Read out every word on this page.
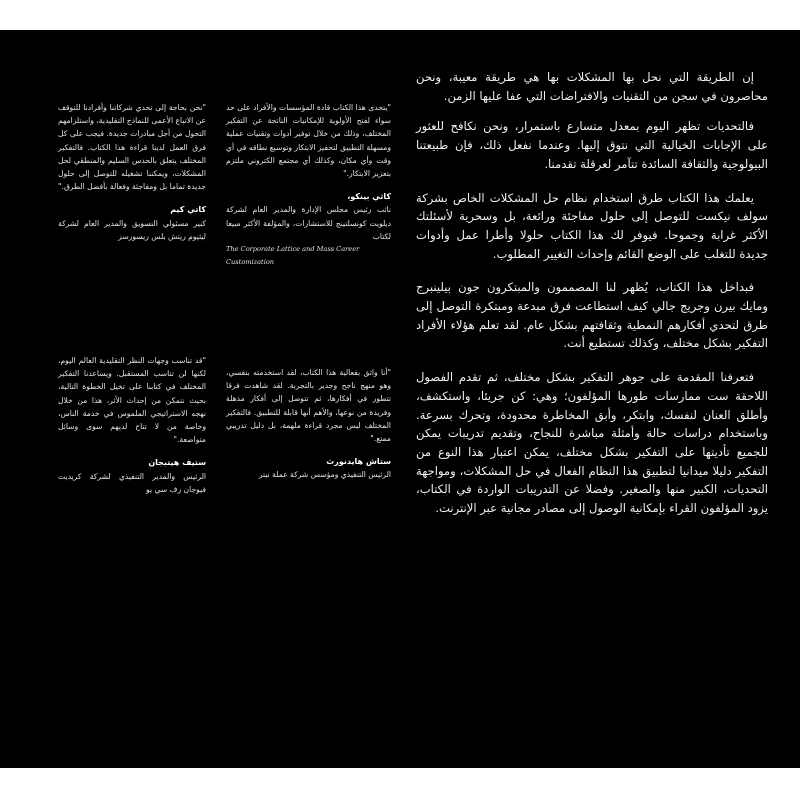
إن الطريقة التي نحل بها المشكلات بها هي طريقة معيبة، ونحن محاصرون في سجن من التقنيات والافتراضات التي عفا عليها الزمن.

فالتحديات تظهر اليوم بمعدل متسارع باستمرار، ونحن نكافح للعثور على الإجابات الخيالية التي نتوق إليها. وعندما نفعل ذلك، فإن طبيعتنا البيولوجية والثقافة السائدة تتآمر لعرقلة تقدمنا.

يعلمك هذا الكتاب طرق استخدام نظام حل المشكلات الخاص بشركة سولف نيكست للتوصل إلى حلول مفاجئة ورائعة، بل وسحرية لأسئلتك الأكثر غرابة وجموحا. فيوفر لك هذا الكتاب حلولا وأطرا عمل وأدوات جديدة للتغلب على الوضع القائم وإحداث التغيير المطلوب.

فبداخل هذا الكتاب، يُظهر لنا المصممون والمبتكرون جون بيلينبرج ومايك بيرن وجريج جالي كيف استطاعت فرق مبدعة ومبتكرة التوصل إلى طرق لتحدي أفكارهم النمطية وثقافتهم بشكل عام. لقد تعلم هؤلاء الأفراد التفكير بشكل مختلف، وكذلك تستطيع أنت.

فتعرفنا المقدمة على جوهر التفكير بشكل مختلف، ثم تقدم الفصول اللاحقة ست ممارسات طورها المؤلفون؛ وهي: كن جريئا، واستكشف، وأطلق العنان لنفسك، وابتكر، وأبق المخاطرة محدودة، وتحرك بسرعة. وباستخدام دراسات حالة وأمثلة مباشرة للنجاح، وتقديم تدريبات يمكن للجميع تأديتها على التفكير بشكل مختلف، يمكن اعتبار هذا النوع من التفكير دليلا ميدانيا لتطبيق هذا النظام الفعال في حل المشكلات، ومواجهة التحديات، الكبير منها والصغير. وفضلا عن التدريبات الواردة في الكتاب، يزود المؤلفون القراء بإمكانية الوصول إلى مصادر مجانية عبر الإنترنت.

"يتحدى هذا الكتاب قادة المؤسسات والأفراد على حد سواء لفتح الأولوية للإمكانيات الناتجة عن التفكير المختلف، وذلك من خلال توفير أدوات وتقنيات عملية ومسهلة التطبيق لتحفيز الابتكار وتوسيع نطاقه في أي وقت وأي مكان، وكذلك أي مجتمع الكتروني ملتزم بتعزيز الابتكار."

كاثي بينكو،

نائب رئيس مجلس الإدارة والمدير العام لشركة ديلويت كونسلتينج للاستشارات، والمؤلفة الأكثر مبيعا لكتاب

The Corporate Lattice and Mass Career Customization

"نحن بحاجة إلى تحدي شركاتنا وأفرادنا للتوقف عن الاتباع الأعمى للنماذج التقليدية، واستلزامهم التحول من أجل مبادرات جديدة. فيجب على كل فرق العمل لدينا قراءة هذا الكتاب. فالتفكير المختلف يتعلق بالحدس السليم والمنطقي لحل المشكلات، ويمكننا تشغيله للتوصل إلى حلول جديدة تماما بل ومفاجئة وفعالة بأفضل الطرق."

كاتي كيم

كبير مسئولي التسويق والمدير العام لشركة ليثيوم ريتش بلس ريسورسز

"أنا واثق بفعالية هذا الكتاب، لقد استخدمته بنفسي، وهو منهج ناجح وجدير بالتجربة. لقد شاهدت فرقا تتطور في أفكارها، ثم تتوصل إلى أفكار مذهلة وفريدة من نوعها، والأهم أنها قابلة للتطبيق. فالتفكير المختلف ليس مجرد قراءة ملهمة، بل دليل تدريبي ممتع."

ستاش هايدنورث

الرئيس التنفيذي ومؤسس شركة عملة نيتر

"قد تناسب وجهات النظر التقليدية العالم اليوم، لكنها لن تناسب المستقبل. ويساعدنا التفكير المختلف في كتابنا على تخيل الخطوة التالية، بحيث نتمكن من إحداث الأثر، هذا من خلال نهجه الاستراتيجي الملموس في خدمة الناس، وخاصة من لا تتاح لديهم سوى وسائل متواضعة."

ستيف هيتبجان

الرئيس والمدير التنفيذي لشركة كريديت فيوجان رف سي يو
